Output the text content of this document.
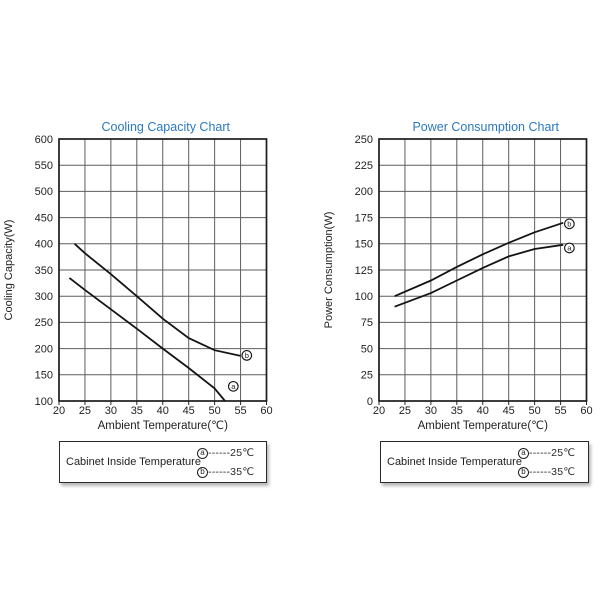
a
b
100
150
200
250
300
350
400
450
500
550
600
20 25 30 35 40 45 50 55 60
Cooling Capacity Chart
Ambient Temperature(℃)
Cooling Capacity(W)	a
b
0
25
50
75
100
125
150
175
200
225
250
20 25 30 35 40 45 50 55 60
Power Consumption Chart
Ambient Temperature(℃)
Power Consumption(W)
Cabinet Inside Temperature
a ------25℃
b ------35℃
Cabinet Inside Temperature
a ------25℃
b ------35℃
